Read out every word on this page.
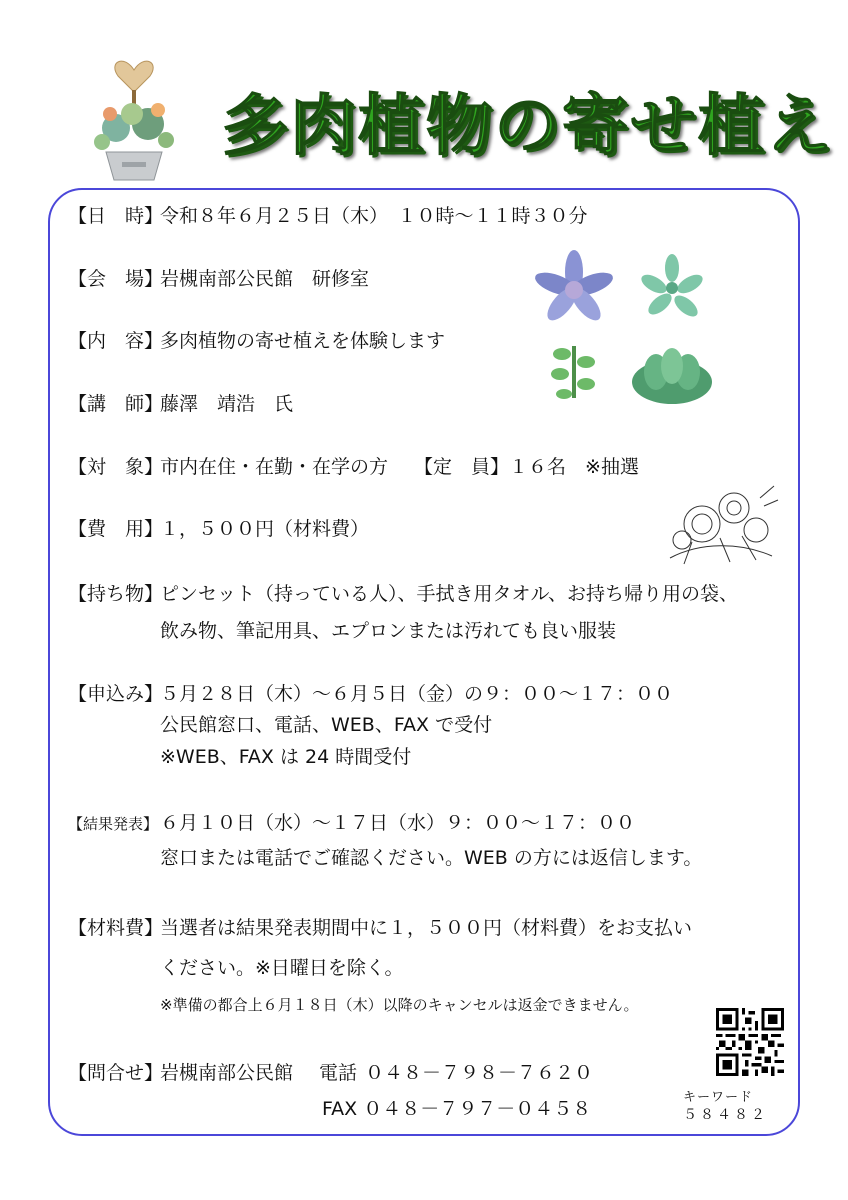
多肉植物の寄せ植え
【日　時】令和８年６月２５日（木）　１０時～１１時３０分
【会　場】岩槻南部公民館　研修室
【内　容】多肉植物の寄せ植えを体験します
【講　師】藤澤　靖浩　氏
【対　象】市内在住・在勤・在学の方 【定　員】１６名　※抽選
【費　用】１，５００円（材料費）
【持ち物】ピンセット（持っている人）、手拭き用タオル、お持ち帰り用の袋、
飲み物、筆記用具、エプロンまたは汚れても良い服装
【申込み】５月２８日（木）～６月５日（金）の９：００～１７：００
公民館窓口、電話、WEB、FAX で受付
※WEB、FAX は 24 時間受付
【結果発表】 ６月１０日（水）～１７日（水）９：００～１７：００
窓口または電話でご確認ください。WEB の方には返信します。
【材料費】当選者は結果発表期間中に１，５００円（材料費）をお支払い
ください。※日曜日を除く。
※準備の都合上６月１８日（木）以降のキャンセルは返金できません。
【問合せ】岩槻南部公民館 電話 ０４８－７９８－７６２０
FAX ０４８－７９７－０４５８
キーワード
５８４８２
